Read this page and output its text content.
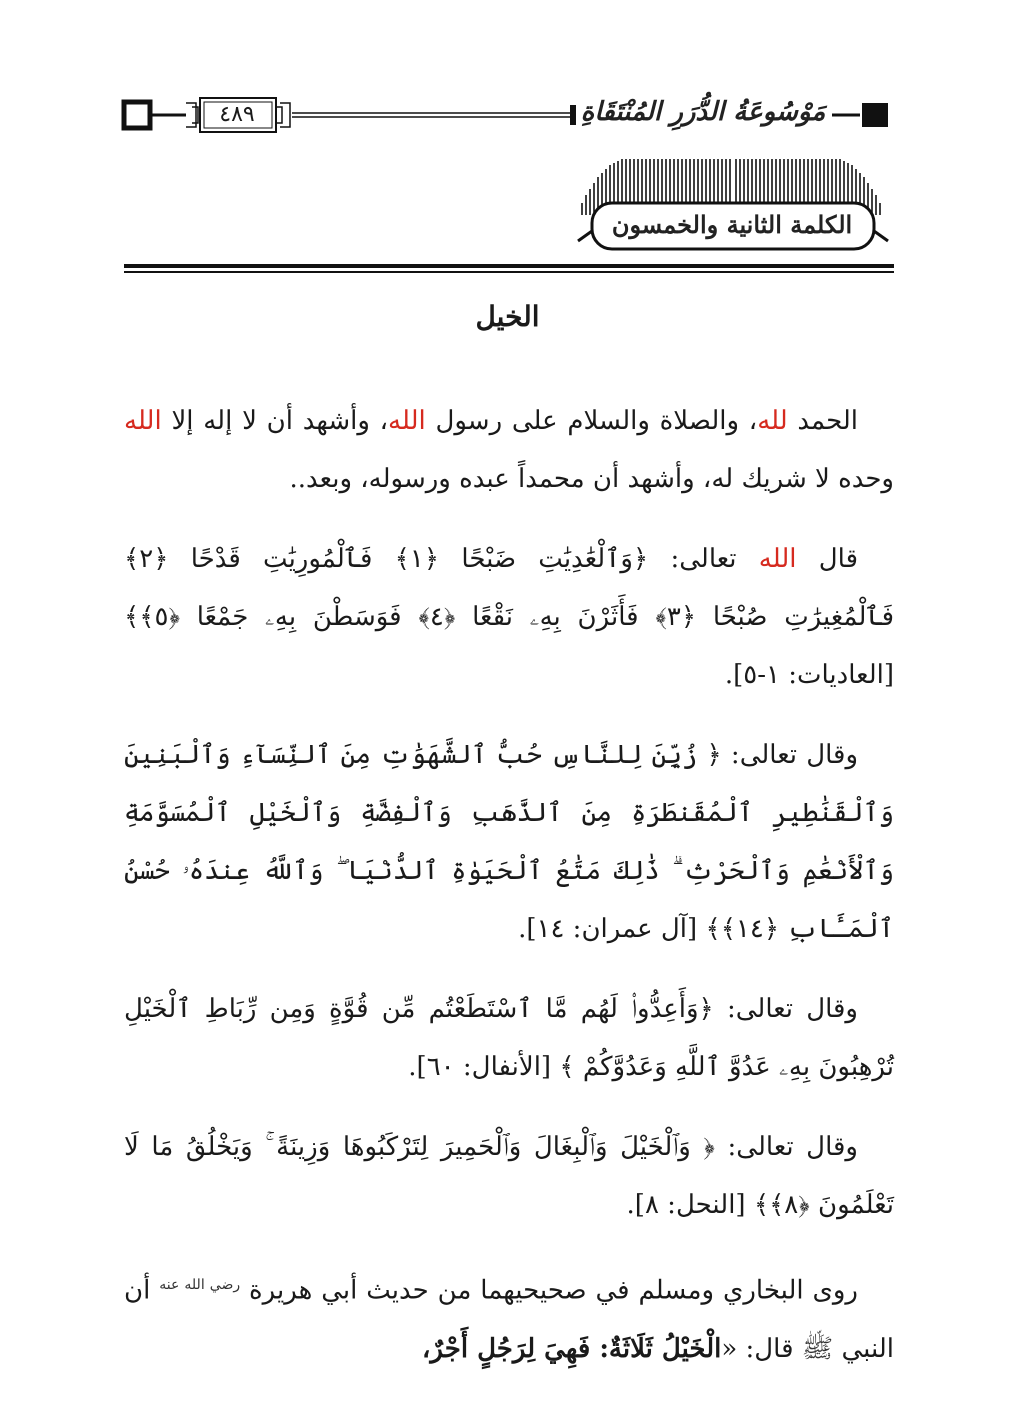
٤٨٩	مَوْسُوعَةُ الدُّرَرِ المُنْتَقَاةِ
الكلمة الثانية والخمسون
الخيل

الحمد لله، والصلاة والسلام على رسول الله، وأشهد أن لا إله إلا الله وحده لا شريك له، وأشهد أن محمداً عبده ورسوله، وبعد..

قال الله تعالى: ﴿وَٱلْعَٰدِيَٰتِ ضَبْحًا ﴿١﴾ فَٱلْمُورِيَٰتِ قَدْحًا ﴿٢﴾ فَٱلْمُغِيرَٰتِ صُبْحًا ﴿٣﴾ فَأَثَرْنَ بِهِۦ نَقْعًا ﴿٤﴾ فَوَسَطْنَ بِهِۦ جَمْعًا ﴿٥﴾﴾ [العاديات: ١-٥].

وقال تعالى: ﴿ زُيِّنَ لِلنَّاسِ حُبُّ ٱلشَّهَوَٰتِ مِنَ ٱلنِّسَآءِ وَٱلْبَنِينَ وَٱلْقَنَٰطِيرِ ٱلْمُقَنطَرَةِ مِنَ ٱلذَّهَبِ وَٱلْفِضَّةِ وَٱلْخَيْلِ ٱلْمُسَوَّمَةِ وَٱلْأَنْعَٰمِ وَٱلْحَرْثِ ۗ ذَٰلِكَ مَتَٰعُ ٱلْحَيَوٰةِ ٱلدُّنْيَا ۖ وَٱللَّهُ عِندَهُۥ حُسْنُ ٱلْمَـَٔابِ ﴿١٤﴾﴾ [آل عمران: ١٤].

وقال تعالى: ﴿وَأَعِدُّوا۟ لَهُم مَّا ٱسْتَطَعْتُم مِّن قُوَّةٍ وَمِن رِّبَاطِ ٱلْخَيْلِ تُرْهِبُونَ بِهِۦ عَدُوَّ ٱللَّهِ وَعَدُوَّكُمْ ﴾ [الأنفال: ٦٠].

وقال تعالى: ﴿ وَٱلْخَيْلَ وَٱلْبِغَالَ وَٱلْحَمِيرَ لِتَرْكَبُوهَا وَزِينَةً ۚ وَيَخْلُقُ مَا لَا تَعْلَمُونَ ﴿٨﴾﴾ [النحل: ٨].

روى البخاري ومسلم في صحيحيهما من حديث أبي هريرة $^{رضي الله عنه}$ أن النبي ﷺ قال: «الْخَيْلُ ثَلَاثَةٌ: فَهِيَ لِرَجُلٍ أَجْرٌ،
